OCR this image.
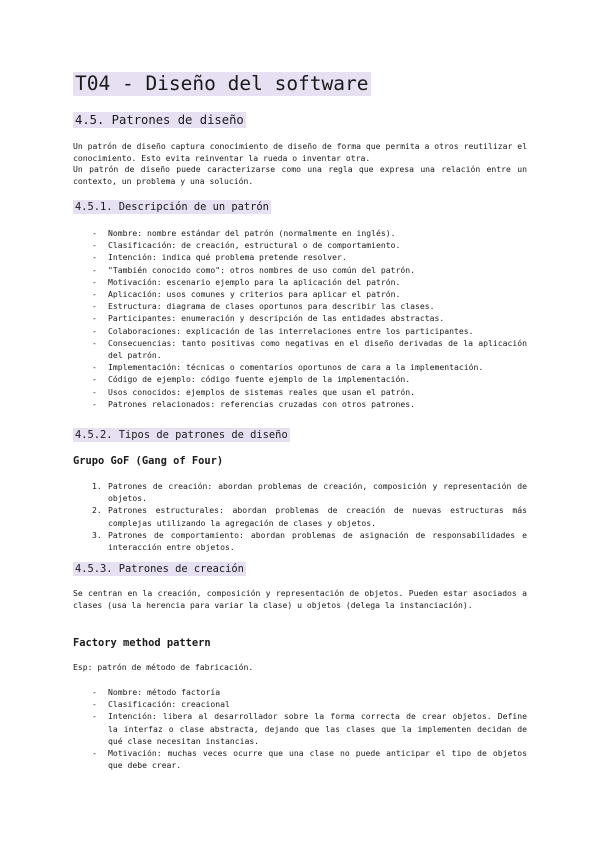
T04 - Diseño del software
4.5. Patrones de diseño

Un patrón de diseño captura conocimiento de diseño de forma que permita a otros reutilizar el conocimiento. Esto evita reinventar la rueda o inventar otra.

Un patrón de diseño puede caracterizarse como una regla que expresa una relación entre un contexto, un problema y una solución.

4.5.1. Descripción de un patrón
- Nombre: nombre estándar del patrón (normalmente en inglés).
- Clasificación: de creación, estructural o de comportamiento.
- Intención: indica qué problema pretende resolver.
- "También conocido como": otros nombres de uso común del patrón.
- Motivación: escenario ejemplo para la aplicación del patrón.
- Aplicación: usos comunes y criterios para aplicar el patrón.
- Estructura: diagrama de clases oportunos para describir las clases.
- Participantes: enumeración y descripción de las entidades abstractas.
- Colaboraciones: explicación de las interrelaciones entre los participantes.
- Consecuencias: tanto positivas como negativas en el diseño derivadas de la aplicación del patrón.
- Implementación: técnicas o comentarios oportunos de cara a la implementación.
- Código de ejemplo: código fuente ejemplo de la implementación.
- Usos conocidos: ejemplos de sistemas reales que usan el patrón.
- Patrones relacionados: referencias cruzadas con otros patrones.
4.5.2. Tipos de patrones de diseño
Grupo GoF (Gang of Four)
1. Patrones de creación: abordan problemas de creación, composición y representación de objetos.
2. Patrones estructurales: abordan problemas de creación de nuevas estructuras más complejas utilizando la agregación de clases y objetos.
3. Patrones de comportamiento: abordan problemas de asignación de responsabilidades e interacción entre objetos.
4.5.3. Patrones de creación

Se centran en la creación, composición y representación de objetos. Pueden estar asociados a clases (usa la herencia para variar la clase) u objetos (delega la instanciación).

Factory method pattern

Esp: patrón de método de fabricación.

- Nombre: método factoría
- Clasificación: creacional
- Intención: libera al desarrollador sobre la forma correcta de crear objetos. Define la interfaz o clase abstracta, dejando que las clases que la implementen decidan de qué clase necesitan instancias.
- Motivación: muchas veces ocurre que una clase no puede anticipar el tipo de objetos que debe crear.
